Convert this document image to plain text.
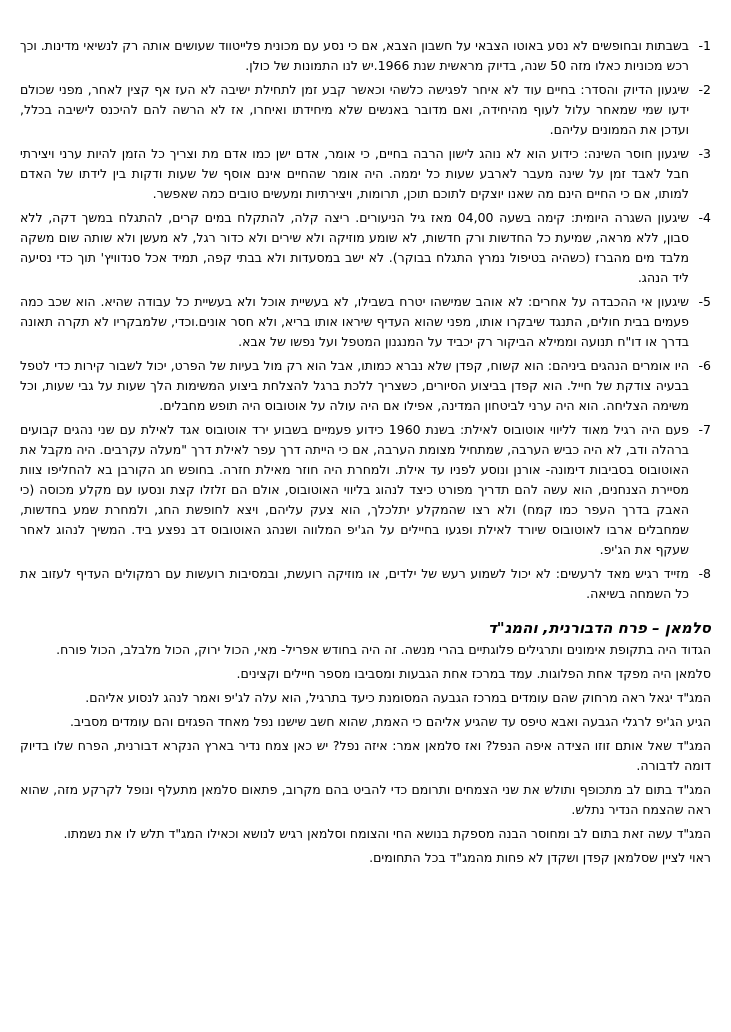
1-
בשבתות ובחופשים לא נסע באוטו הצבאי על חשבון הצבא, אם כי נסע עם מכונית פלייטווד שעושים אותה רק לנשיאי מדינות. וכך רכש מכוניות כאלו מזה 50 שנה, בדיוק מראשית שנת 1966.יש לנו התמונות של כולן.
2-
שיגעון הדיוק והסדר: בחיים עוד לא איחר לפגישה כלשהי וכאשר קבע זמן לתחילת ישיבה לא העז אף קצין לאחר, מפני שכולם ידעו שמי שמאחר עלול לעוף מהיחידה, ואם מדובר באנשים שלא מיחידתו ואיחרו, אז לא הרשה להם להיכנס לישיבה בכלל, ועדכן את הממונים עליהם.
3-
שיגעון חוסר השינה: כידוע הוא לא נוהג לישון הרבה בחיים, כי אומר, אדם ישן כמו אדם מת וצריך כל הזמן להיות ערני ויצירתי חבל לאבד זמן על שינה מעבר לארבע שעות כל יממה. היה אומר שהחיים אינם אוסף של שעות ודקות בין לידתו של האדם למותו, אם כי החיים הינם מה שאנו יוצקים לתוכם תוכן, תרומות, ויצירתיות ומעשים טובים כמה שאפשר.
4-
שיגעון השגרה היומית: קימה בשעה 04,00 מאז גיל הניעורים. ריצה קלה, להתקלח במים קרים, להתגלח במשך דקה, ללא סבון, ללא מראה, שמיעת כל החדשות ורק חדשות, לא שומע מוזיקה ולא שירים ולא כדור רגל, לא מעשן ולא שותה שום משקה מלבד מים מהברז (כשהיה בטיפול נמרץ התגלח בבוקר). לא ישב במסעדות ולא בבתי קפה, תמיד אכל סנדוויץ' תוך כדי נסיעה ליד הנהג.
5-
שיגעון אי ההכבדה על אחרים: לא אוהב שמישהו יטרח בשבילו, לא בעשיית אוכל ולא בעשיית כל עבודה שהיא. הוא שכב כמה פעמים בבית חולים, התנגד שיבקרו אותו, מפני שהוא העדיף שיראו אותו בריא, ולא חסר אונים.וכדי, שלמבקריו לא תקרה תאונה בדרך או דו"ח תנועה וממילא הביקור רק יכביד על המנגנון המטפל ועל נפשו של אבא.
6-
היו אומרים הנהגים ביניהם: הוא קשוח, קפדן שלא נברא כמותו, אבל הוא רק מול בעיות של הפרט, יכול לשבור קירות כדי לטפל בבעיה צודקת של חייל. הוא קפדן בביצוע הסיורים, כשצריך ללכת ברגל להצלחת ביצוע המשימות הלך שעות על גבי שעות, וכל משימה הצליחה. הוא היה ערני לביטחון המדינה, אפילו אם היה עולה על אוטובוס היה תופש מחבלים.
7-
פעם היה רגיל מאוד לליווי אוטובוס לאילת: בשנת 1960 כידוע פעמיים בשבוע ירד אוטובוס אגד לאילת עם שני נהגים קבועים ברהלה ודב, לא היה כביש הערבה, שמתחיל מצומת הערבה, אם כי הייתה דרך עפר לאילת דרך "מעלה עקרבים. היה מקבל את האוטובוס בסביבות דימונה- אורנן ונוסע לפניו עד אילת. ולמחרת היה חוזר מאילת חזרה. בחופש חג הקורבן בא להחליפו צוות מסיירת הצנחנים, הוא עשה להם תדריך מפורט כיצד לנהוג בליווי האוטובוס, אולם הם זלזלו קצת ונסעו עם מקלע מכוסה (כי האבק בדרך העפר כמו קמח) ולא רצו שהמקלע יתלכלך, הוא צעק עליהם, ויצא לחופשת החג, ולמחרת שמע בחדשות, שמחבלים ארבו לאוטובוס שיורד לאילת ופגעו בחיילים על הג'יפ המלווה ושנהג האוטובוס דב נפצע ביד. המשיך לנהוג לאחר שעקף את הג'יפ.
8-
מזייד רגיש מאד לרעשים: לא יכול לשמוע רעש של ילדים, או מוזיקה רועשת, ובמסיבות רועשות עם רמקולים העדיף לעזוב את כל השמחה בשיאה.
סלמאן – פרח הדבורנית, והמג"ד

הגדוד היה בתקופת אימונים ותרגילים פלוגתיים בהרי מנשה. זה היה בחודש אפריל- מאי, הכול ירוק, הכול מלבלב, הכול פורח.

סלמאן היה מפקד אחת הפלוגות. עמד במרכז אחת הגבעות ומסביבו מספר חיילים וקצינים.

המג"ד יגאל ראה מרחוק שהם עומדים במרכז הגבעה המסומנת כיעד בתרגיל, הוא עלה לג'יפ ואמר לנהג לנסוע אליהם.

הגיע הג'יפ לרגלי הגבעה ואבא טיפס עד שהגיע אליהם כי האמת, שהוא חשב שישנו נפל מאחד הפגזים והם עומדים מסביב.

המג"ד שאל אותם זוזו הצידה איפה הנפל? ואז סלמאן אמר: איזה נפל? יש כאן צמח נדיר בארץ הנקרא דבורנית, הפרח שלו בדיוק דומה לדבורה.

המג"ד בתום לב מתכופף ותולש את שני הצמחים ותרומם כדי להביט בהם מקרוב, פתאום סלמאן מתעלף ונופל לקרקע מזה, שהוא ראה שהצמח הנדיר נתלש.

המג"ד עשה זאת בתום לב ומחוסר הבנה מספקת בנושא החי והצומח וסלמאן רגיש לנושא וכאילו המג"ד תלש לו את נשמתו.

ראוי לציין שסלמאן קפדן ושקדן לא פחות מהמג"ד בכל התחומים.
